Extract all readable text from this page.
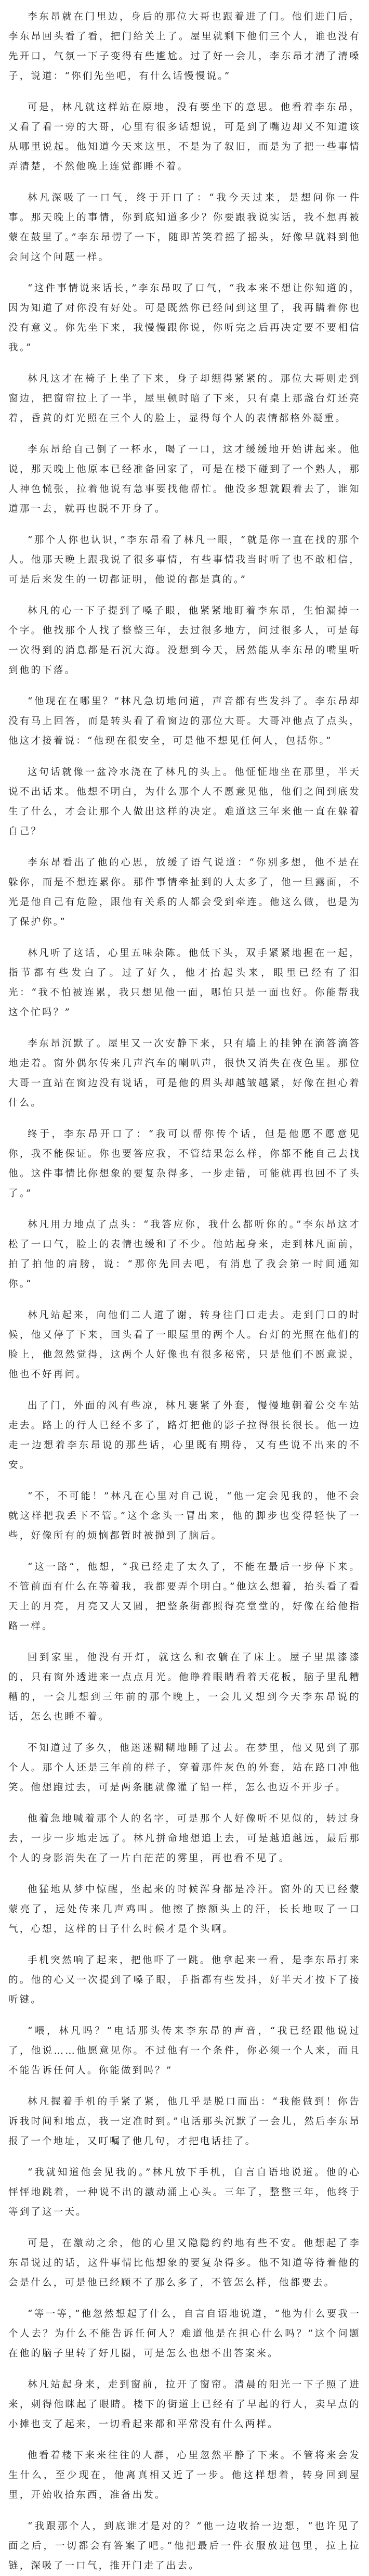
李东昂就在门里边，身后的那位大哥也跟着进了门。他们进门后，李东昂回头看了看，把门给关上了。屋里就剩下他们三个人，谁也没有先开口，气氛一下子变得有些尴尬。过了好一会儿，李东昂才清了清嗓子，说道：“你们先坐吧，有什么话慢慢说。”

可是，林凡就这样站在原地，没有要坐下的意思。他看着李东昂，又看了看一旁的大哥，心里有很多话想说，可是到了嘴边却又不知道该从哪里说起。他知道今天来这里，不是为了叙旧，而是为了把一些事情弄清楚，不然他晚上连觉都睡不着。

林凡深吸了一口气，终于开口了：“我今天过来，是想问你一件事。那天晚上的事情，你到底知道多少？你要跟我说实话，我不想再被蒙在鼓里了。”李东昂愣了一下，随即苦笑着摇了摇头，好像早就料到他会问这个问题一样。

“这件事情说来话长，”李东昂叹了口气，“我本来不想让你知道的，因为知道了对你没有好处。可是既然你已经问到这里了，我再瞒着你也没有意义。你先坐下来，我慢慢跟你说，你听完之后再决定要不要相信我。”

林凡这才在椅子上坐了下来，身子却绷得紧紧的。那位大哥则走到窗边，把窗帘拉上了一半，屋里顿时暗了下来，只有桌上那盏台灯还亮着，昏黄的灯光照在三个人的脸上，显得每个人的表情都格外凝重。

李东昂给自己倒了一杯水，喝了一口，这才缓缓地开始讲起来。他说，那天晚上他原本已经准备回家了，可是在楼下碰到了一个熟人，那人神色慌张，拉着他说有急事要找他帮忙。他没多想就跟着去了，谁知道那一去，就再也脱不开身了。

“那个人你也认识，”李东昂看了林凡一眼，“就是你一直在找的那个人。他那天晚上跟我说了很多事情，有些事情我当时听了也不敢相信，可是后来发生的一切都证明，他说的都是真的。”

林凡的心一下子提到了嗓子眼，他紧紧地盯着李东昂，生怕漏掉一个字。他找那个人找了整整三年，去过很多地方，问过很多人，可是每一次得到的消息都是石沉大海。没想到今天，居然能从李东昂的嘴里听到他的下落。

“他现在在哪里？”林凡急切地问道，声音都有些发抖了。李东昂却没有马上回答，而是转头看了看窗边的那位大哥。大哥冲他点了点头，他这才接着说：“他现在很安全，可是他不想见任何人，包括你。”

这句话就像一盆冷水浇在了林凡的头上。他怔怔地坐在那里，半天说不出话来。他想不明白，为什么那个人不愿意见他，他们之间到底发生了什么，才会让那个人做出这样的决定。难道这三年来他一直在躲着自己？

李东昂看出了他的心思，放缓了语气说道：“你别多想，他不是在躲你，而是不想连累你。那件事情牵扯到的人太多了，他一旦露面，不光是他自己有危险，跟他有关系的人都会受到牵连。他这么做，也是为了保护你。”

林凡听了这话，心里五味杂陈。他低下头，双手紧紧地握在一起，指节都有些发白了。过了好久，他才抬起头来，眼里已经有了泪光：“我不怕被连累，我只想见他一面，哪怕只是一面也好。你能帮我这个忙吗？”

李东昂沉默了。屋里又一次安静下来，只有墙上的挂钟在滴答滴答地走着。窗外偶尔传来几声汽车的喇叭声，很快又消失在夜色里。那位大哥一直站在窗边没有说话，可是他的眉头却越皱越紧，好像在担心着什么。

终于，李东昂开口了：“我可以帮你传个话，但是他愿不愿意见你，我不能保证。你也要答应我，不管结果怎么样，你都不能自己去找他。这件事情比你想象的要复杂得多，一步走错，可能就再也回不了头了。”

林凡用力地点了点头：“我答应你，我什么都听你的。”李东昂这才松了一口气，脸上的表情也缓和了不少。他站起身来，走到林凡面前，拍了拍他的肩膀，说：“那你先回去吧，有消息了我会第一时间通知你。”

林凡站起来，向他们二人道了谢，转身往门口走去。走到门口的时候，他又停了下来，回头看了一眼屋里的两个人。台灯的光照在他们的脸上，他忽然觉得，这两个人好像也有很多秘密，只是他们不愿意说，他也不好再问。

出了门，外面的风有些凉，林凡裹紧了外套，慢慢地朝着公交车站走去。路上的行人已经不多了，路灯把他的影子拉得很长很长。他一边走一边想着李东昂说的那些话，心里既有期待，又有些说不出来的不安。

“不，不可能！”林凡在心里对自己说，“他一定会见我的，他不会就这样把我丢下不管。”这个念头一冒出来，他的脚步也变得轻快了一些，好像所有的烦恼都暂时被抛到了脑后。

“这一路”，他想，“我已经走了太久了，不能在最后一步停下来。不管前面有什么在等着我，我都要弄个明白。”他这么想着，抬头看了看天上的月亮，月亮又大又圆，把整条街都照得亮堂堂的，好像在给他指路一样。

回到家里，他没有开灯，就这么和衣躺在了床上。屋子里黑漆漆的，只有窗外透进来一点点月光。他睁着眼睛看着天花板，脑子里乱糟糟的，一会儿想到三年前的那个晚上，一会儿又想到今天李东昂说的话，怎么也睡不着。

不知道过了多久，他迷迷糊糊地睡了过去。在梦里，他又见到了那个人。那个人还是三年前的样子，穿着那件灰色的外套，站在路口冲他笑。他想跑过去，可是两条腿就像灌了铅一样，怎么也迈不开步子。

他着急地喊着那个人的名字，可是那个人好像听不见似的，转过身去，一步一步地走远了。林凡拼命地想追上去，可是越追越远，最后那个人的身影消失在了一片白茫茫的雾里，再也看不见了。

他猛地从梦中惊醒，坐起来的时候浑身都是冷汗。窗外的天已经蒙蒙亮了，远处传来几声鸡叫。他擦了擦额头上的汗，长长地叹了一口气，心想，这样的日子什么时候才是个头啊。

手机突然响了起来，把他吓了一跳。他拿起来一看，是李东昂打来的。他的心又一次提到了嗓子眼，手指都有些发抖，好半天才按下了接听键。

“喂，林凡吗？”电话那头传来李东昂的声音，“我已经跟他说过了，他说……他愿意见你。不过他有一个条件，你必须一个人来，而且不能告诉任何人。你能做到吗？”

林凡握着手机的手紧了紧，他几乎是脱口而出：“我能做到！你告诉我时间和地点，我一定准时到。”电话那头沉默了一会儿，然后李东昂报了一个地址，又叮嘱了他几句，才把电话挂了。

“我就知道他会见我的。”林凡放下手机，自言自语地说道。他的心怦怦地跳着，一种说不出的激动涌上心头。三年了，整整三年，他终于等到了这一天。

可是，在激动之余，他的心里又隐隐约约地有些不安。他想起了李东昂说过的话，这件事情比他想象的要复杂得多。他不知道等待着他的会是什么，可是他已经顾不了那么多了，不管怎么样，他都要去。

“等一等，”他忽然想起了什么，自言自语地说道，“他为什么要我一个人去？为什么不能告诉任何人？难道他是在担心什么吗？”这个问题在他的脑子里转了好几圈，可是怎么也想不出答案来。

林凡站起身来，走到窗前，拉开了窗帘。清晨的阳光一下子照了进来，刺得他眯起了眼睛。楼下的街道上已经有了早起的行人，卖早点的小摊也支了起来，一切看起来都和平常没有什么两样。

他看着楼下来来往往的人群，心里忽然平静了下来。不管将来会发生什么，至少现在，他离真相又近了一步。他这样想着，转身回到屋里，开始收拾东西，准备出发。

“我跟那个人，到底谁才是对的？”他一边收拾一边想，“也许见了面之后，一切都会有答案了吧。”他把最后一件衣服放进包里，拉上拉链，深吸了一口气，推开门走了出去。
